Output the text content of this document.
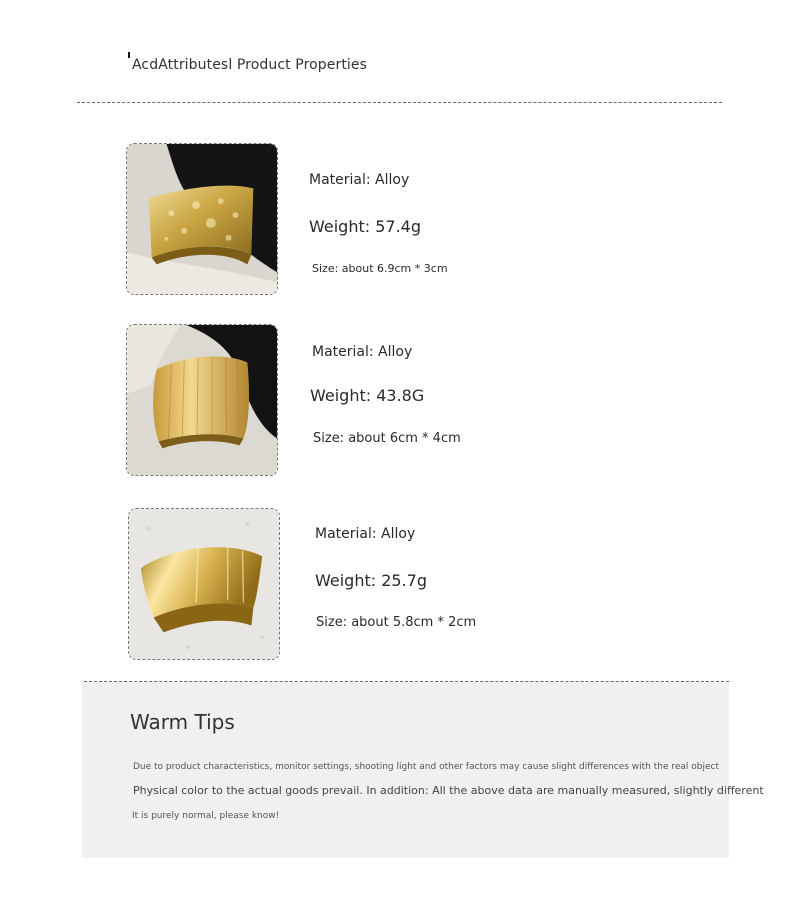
AcdAttributesl Product Properties
Material: Alloy
Weight: 57.4g
Size: about 6.9cm * 3cm
Material: Alloy
Weight: 43.8G
Size: about 6cm * 4cm
Material: Alloy
Weight: 25.7g
Size: about 5.8cm * 2cm
Warm Tips
Due to product characteristics, monitor settings, shooting light and other factors may cause slight differences with the real object
Physical color to the actual goods prevail. In addition: All the above data are manually measured, slightly different
It is purely normal, please know!
